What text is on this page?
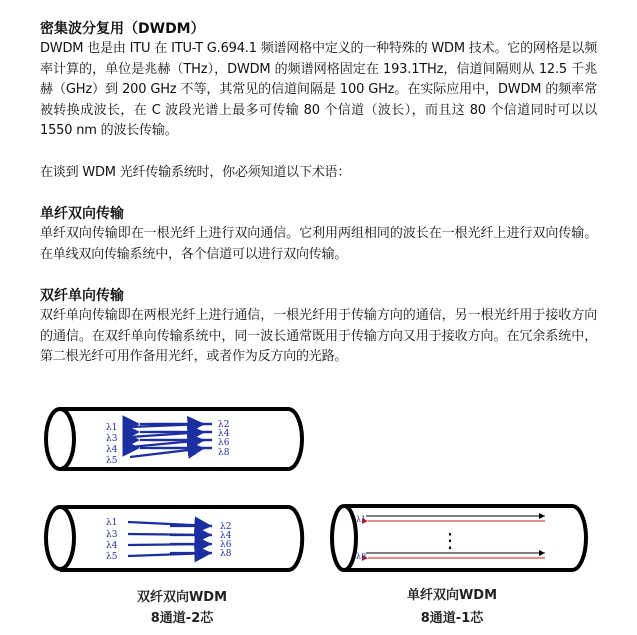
密集波分复用（DWDM）

DWDM 也是由 ITU 在 ITU-T G.694.1 频谱网格中定义的一种特殊的 WDM 技术。它的网格是以频率计算的，单位是兆赫（THz），DWDM 的频谱网格固定在 193.1THz，信道间隔则从 12.5 千兆赫（GHz）到 200 GHz 不等，其常见的信道间隔是 100 GHz。在实际应用中，DWDM 的频率常被转换成波长，在 C 波段光谱上最多可传输 80 个信道（波长），而且这 80 个信道同时可以以 1550 nm 的波长传输。

在谈到 WDM 光纤传输系统时，你必须知道以下术语：

单纤双向传输

单纤双向传输即在一根光纤上进行双向通信。它利用两组相同的波长在一根光纤上进行双向传输。在单线双向传输系统中，各个信道可以进行双向传输。

双纤单向传输

双纤单向传输即在两根光纤上进行通信，一根光纤用于传输方向的通信，另一根光纤用于接收方向的通信。在双纤单向传输系统中，同一波长通常既用于传输方向又用于接收方向。在冗余系统中，第二根光纤可用作备用光纤，或者作为反方向的光路。

λ1
λ3
λ4
λ5
λ2
λ4
λ6
λ8
λ1
λ3
λ4
λ5
λ2
λ4
λ6
λ8
λ1
λ8
⋮
双纤双向WDM
8通道-2芯
单纤双向WDM
8通道-1芯
